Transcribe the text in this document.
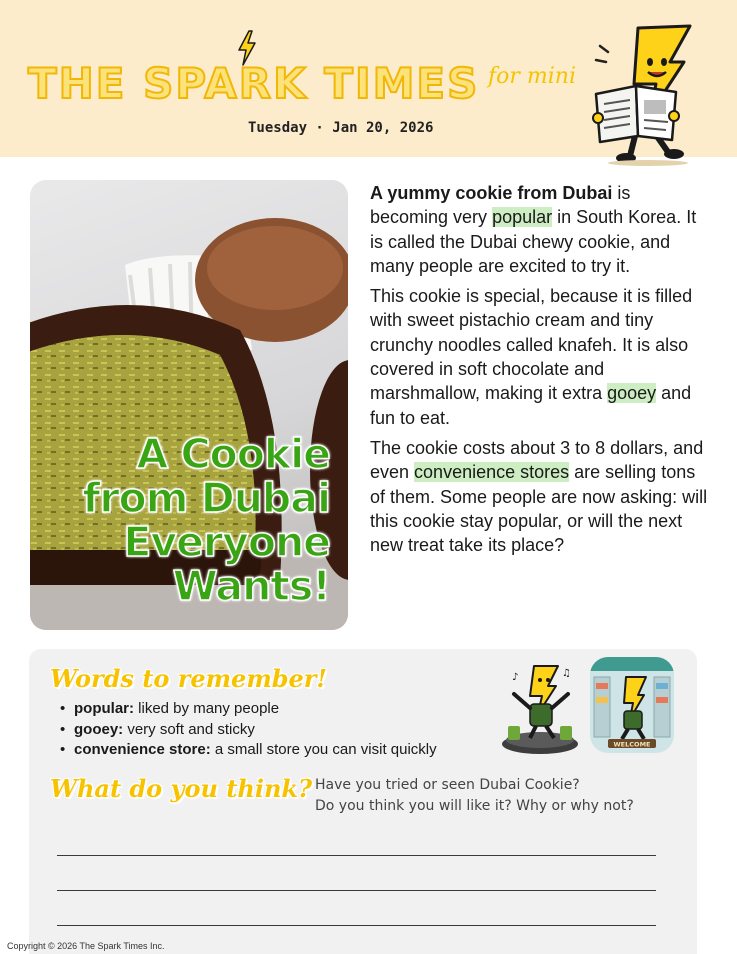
THE SPARK TIMES for mini
Tuesday · Jan 20, 2026
A Cookie
from Dubai
Everyone
Wants!

A yummy cookie from Dubai is becoming very popular in South Korea. It is called the Dubai chewy cookie, and many people are excited to try it.

This cookie is special, because it is filled with sweet pistachio cream and tiny crunchy noodles called knafeh. It is also covered in soft chocolate and marshmallow, making it extra gooey and fun to eat.

The cookie costs about 3 to 8 dollars, and even convenience stores are selling tons of them. Some people are now asking: will this cookie stay popular, or will the next new treat take its place?

Words to remember!
• popular: liked by many people
• gooey: very soft and sticky
• convenience store: a small store you can visit quickly
♪	♫
WELCOME
What do you think? Have you tried or seen Dubai Cookie?
Do you think you will like it? Why or why not?
Copyright © 2026 The Spark Times Inc.
